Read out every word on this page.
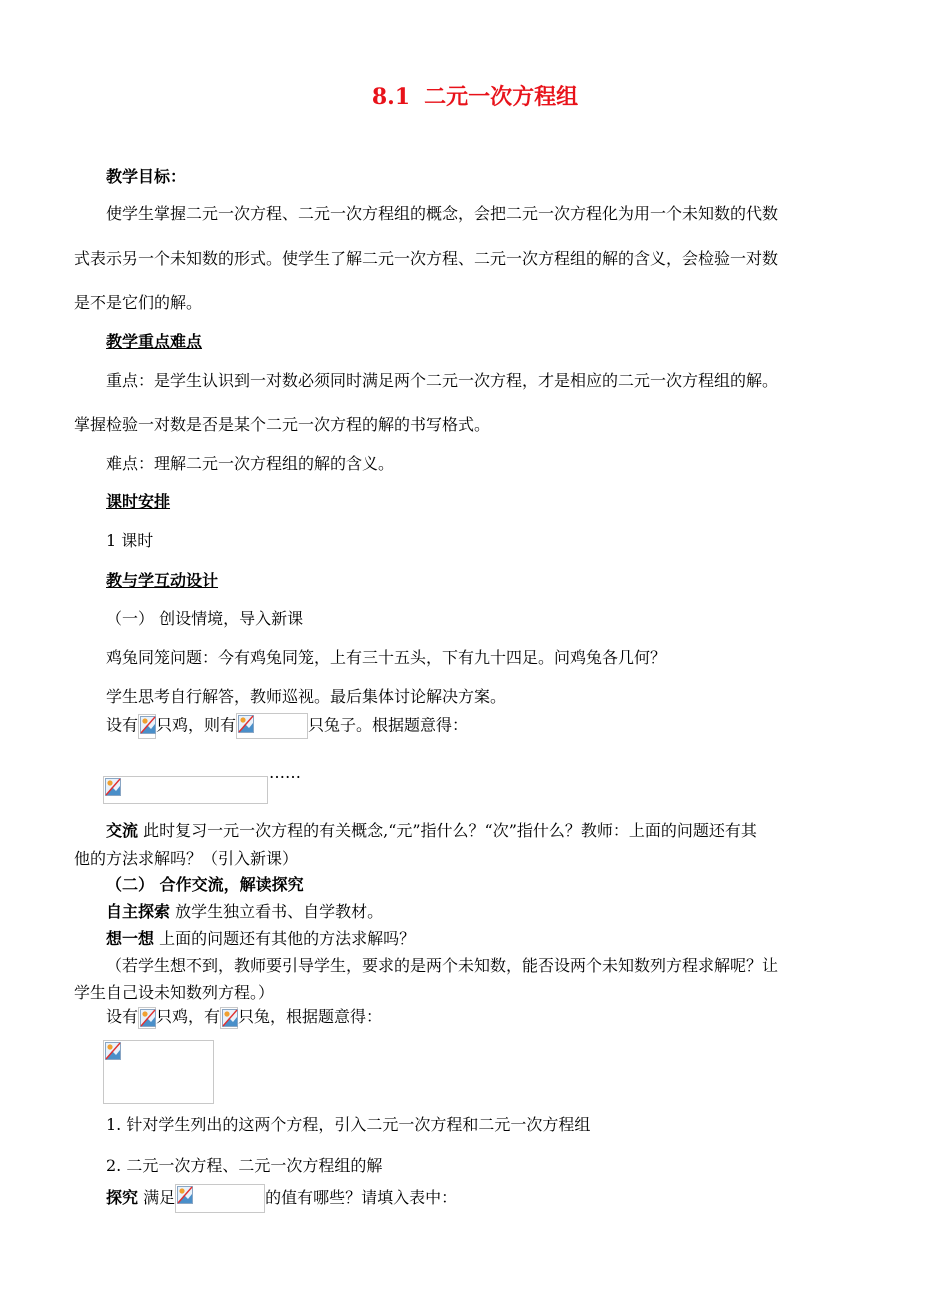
8.1 二元一次方程组
教学目标：
使学生掌握二元一次方程、二元一次方程组的概念，会把二元一次方程化为用一个未知数的代数
式表示另一个未知数的形式。使学生了解二元一次方程、二元一次方程组的解的含义，会检验一对数
是不是它们的解。
教学重点难点
重点：是学生认识到一对数必须同时满足两个二元一次方程，才是相应的二元一次方程组的解。
掌握检验一对数是否是某个二元一次方程的解的书写格式。
难点：理解二元一次方程组的解的含义。
课时安排
1 课时
教与学互动设计
（一） 创设情境，导入新课
鸡兔同笼问题：今有鸡兔同笼，上有三十五头，下有九十四足。问鸡兔各几何？
学生思考自行解答，教师巡视。最后集体讨论解决方案。
设有 只鸡，则有	只兔子。根据题意得：
……
交流 此时复习一元一次方程的有关概念,“元”指什么？“次”指什么？教师：上面的问题还有其
他的方法求解吗？（引入新课）
（二） 合作交流，解读探究
自主探索 放学生独立看书、自学教材。
想一想 上面的问题还有其他的方法求解吗？
（若学生想不到，教师要引导学生，要求的是两个未知数，能否设两个未知数列方程求解呢？让
学生自己设未知数列方程。）
设有 只鸡，有 只兔，根据题意得：
1. 针对学生列出的这两个方程，引入二元一次方程和二元一次方程组
2. 二元一次方程、二元一次方程组的解
探究 满足	的值有哪些？请填入表中：
